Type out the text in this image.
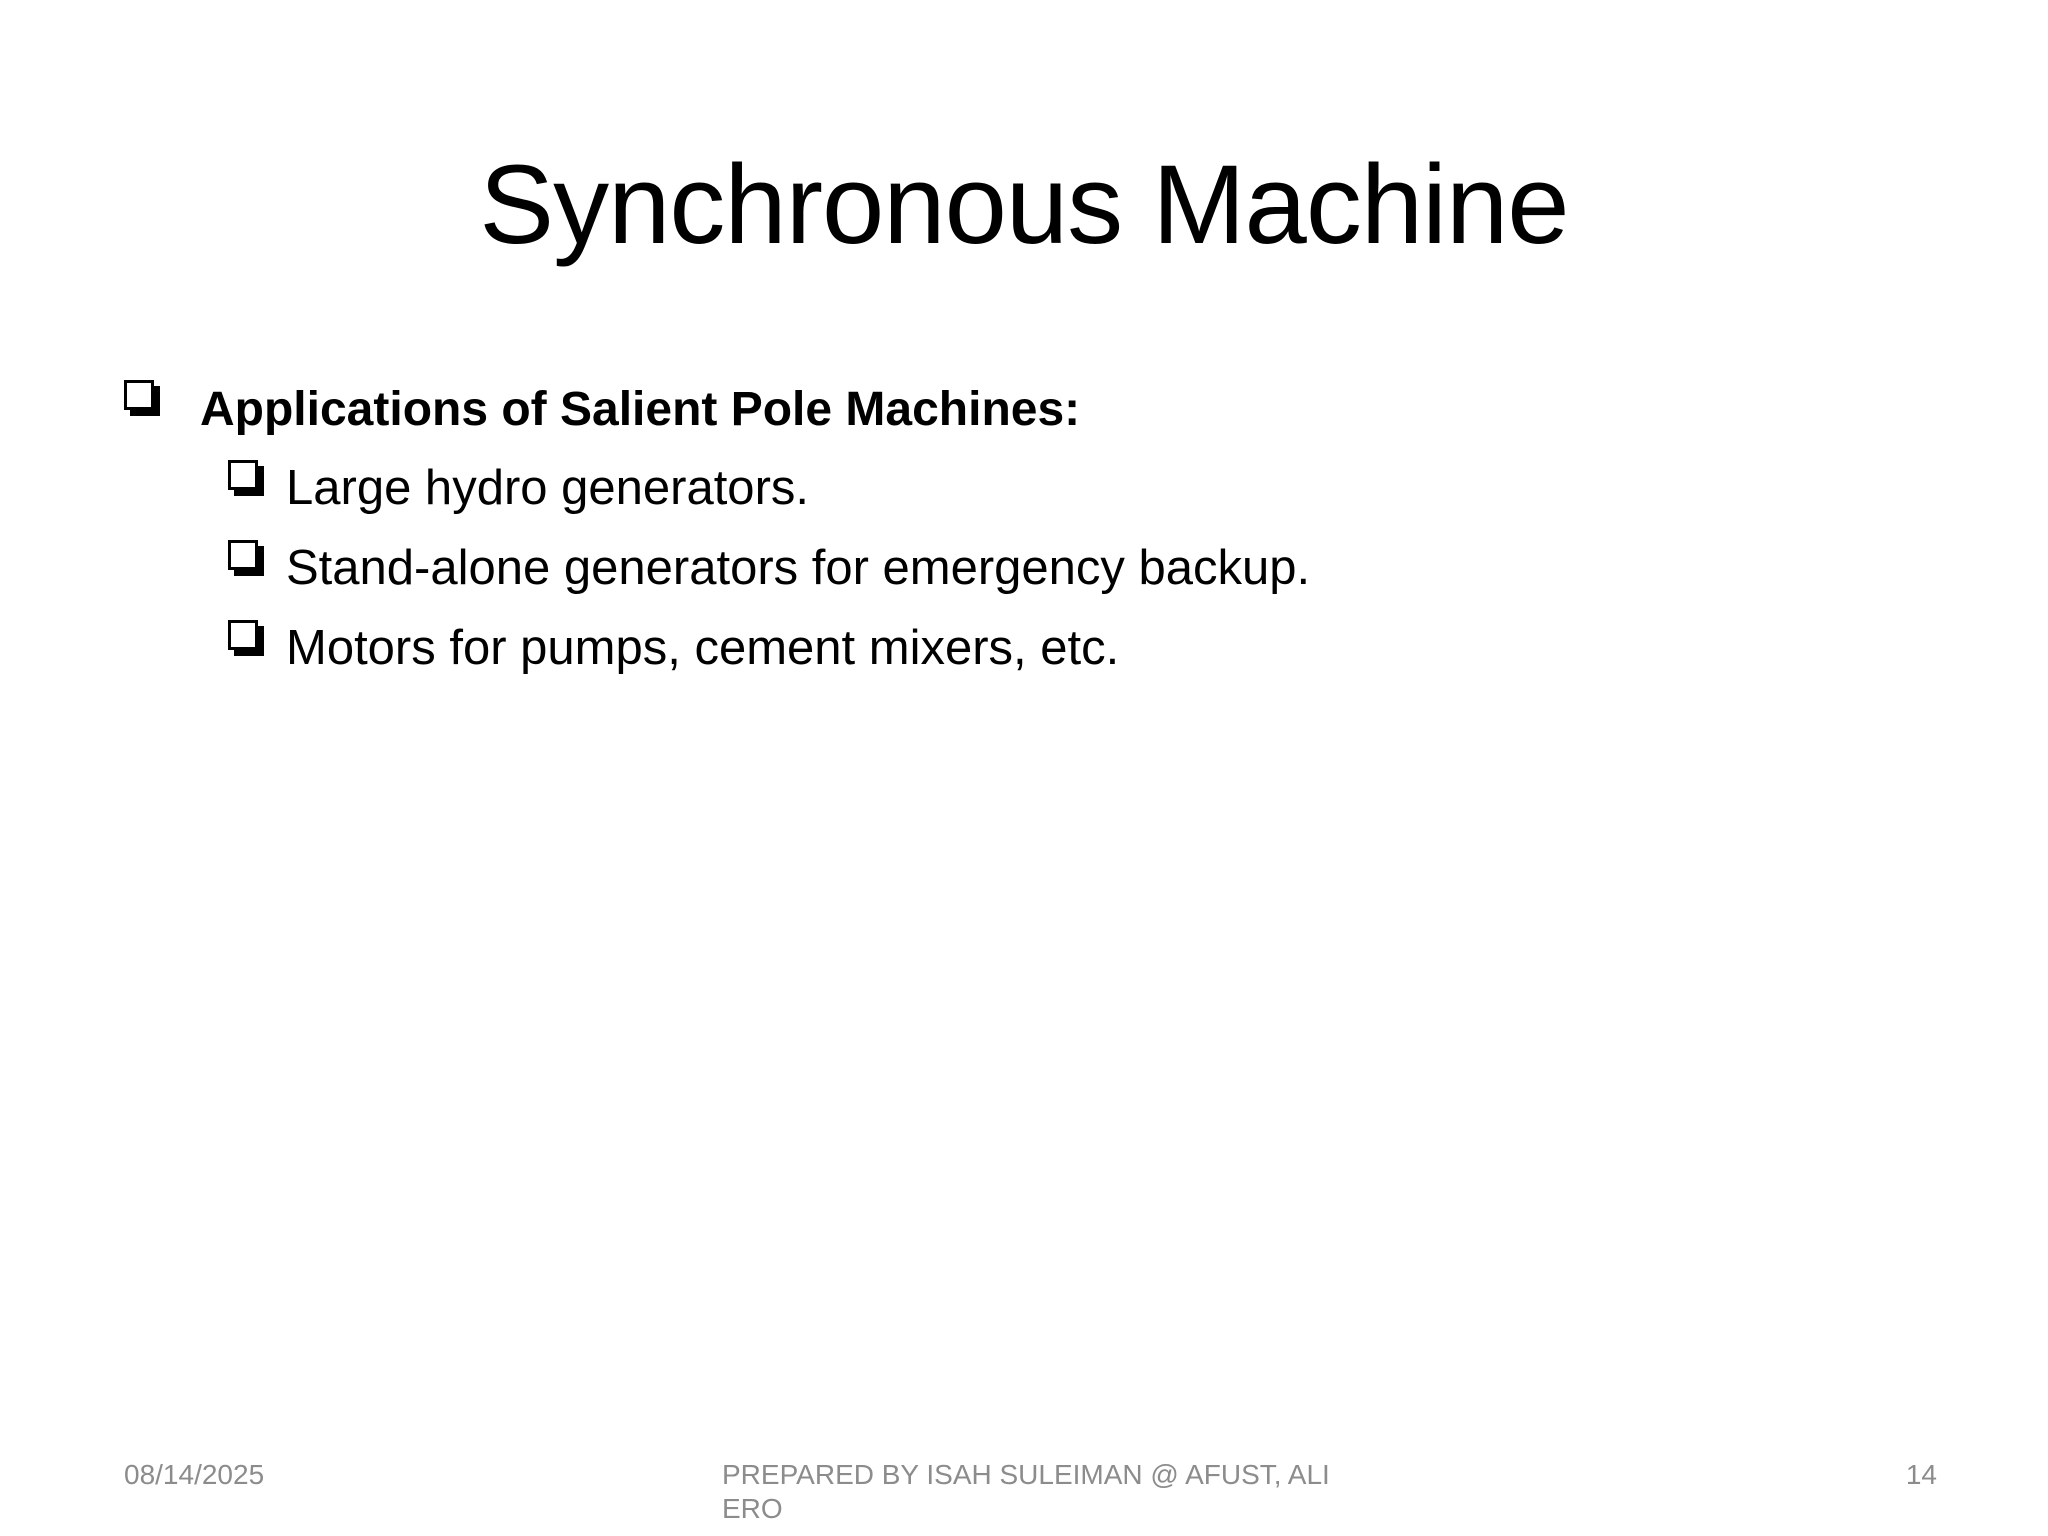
Synchronous Machine
Applications of Salient Pole Machines:
Large hydro generators.
Stand-alone generators for emergency backup.
Motors for pumps, cement mixers, etc.
08/14/2025	PREPARED BY ISAH SULEIMAN @ AFUST, ALIERO
14
